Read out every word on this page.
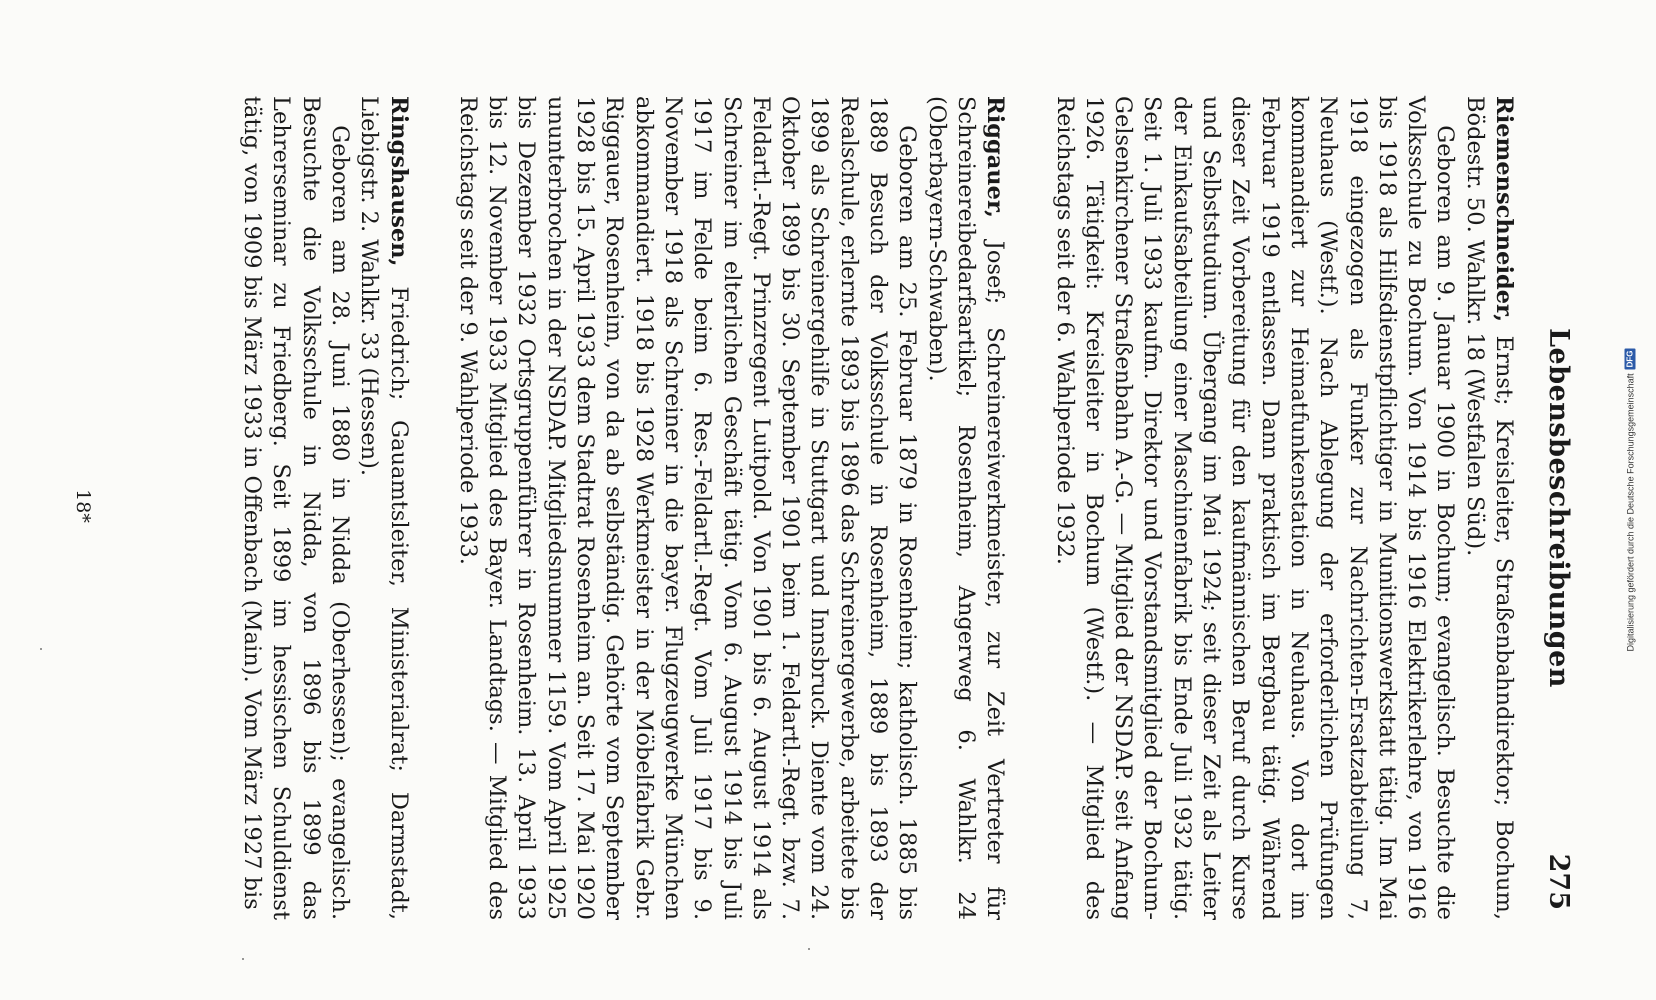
Lebensbeschreibungen
275

Riemenschneider, Ernst; Kreisleiter, Straßenbahndirektor; Bochum, Bödestr. 50. Wahlkr. 18 (Westfalen Süd).

Geboren am 9. Januar 1900 in Bochum; evangelisch. Besuchte die Volksschule zu Bochum. Von 1914 bis 1916 Elektrikerlehre, von 1916 bis 1918 als Hilfsdienstpflichtiger in Munitionswerkstatt tätig. Im Mai 1918 eingezogen als Funker zur Nachrichten-Ersatzabteilung 7, Neuhaus (Westf.). Nach Ablegung der erforderlichen Prüfungen kommandiert zur Heimatfunkenstation in Neuhaus. Von dort im Februar 1919 entlassen. Dann praktisch im Bergbau tätig. Während dieser Zeit Vorbereitung für den kaufmännischen Beruf durch Kurse und Selbststudium. Übergang im Mai 1924; seit dieser Zeit als Leiter der Einkaufsabteilung einer Maschinenfabrik bis Ende Juli 1932 tätig. Seit 1. Juli 1933 kaufm. Direktor und Vorstandsmitglied der Bochum-Gelsenkirchener Straßenbahn A.-G. — Mitglied der NSDAP. seit Anfang 1926. Tätigkeit: Kreisleiter in Bochum (Westf.). — Mitglied des Reichstags seit der 6. Wahlperiode 1932.

Riggauer, Josef; Schreinereiwerkmeister, zur Zeit Vertreter für Schreinereibedarfsartikel; Rosenheim, Angerweg 6. Wahlkr. 24 (Oberbayern-Schwaben).

Geboren am 25. Februar 1879 in Rosenheim; katholisch. 1885 bis 1889 Besuch der Volksschule in Rosenheim, 1889 bis 1893 der Realschule, erlernte 1893 bis 1896 das Schreinergewerbe, arbeitete bis 1899 als Schreinergehilfe in Stuttgart und Innsbruck. Diente vom 24. Oktober 1899 bis 30. September 1901 beim 1. Feldartl.-Regt. bzw. 7. Feldartl.-Regt. Prinzregent Luitpold. Von 1901 bis 6. August 1914 als Schreiner im elterlichen Geschäft tätig. Vom 6. August 1914 bis Juli 1917 im Felde beim 6. Res.-Feldartl.-Regt. Vom Juli 1917 bis 9. November 1918 als Schreiner in die bayer. Flugzeugwerke München abkommandiert. 1918 bis 1928 Werkmeister in der Möbelfabrik Gebr. Riggauer, Rosenheim, von da ab selbständig. Gehörte vom September 1928 bis 15. April 1933 dem Stadtrat Rosenheim an. Seit 17. Mai 1920 ununterbrochen in der NSDAP. Mitgliedsnummer 1159. Vom April 1925 bis Dezember 1932 Ortsgruppenführer in Rosenheim. 13. April 1933 bis 12. November 1933 Mitglied des Bayer. Landtags. — Mitglied des Reichstags seit der 9. Wahlperiode 1933.

Ringshausen, Friedrich; Gauamtsleiter, Ministerialrat; Darmstadt, Liebigstr. 2. Wahlkr. 33 (Hessen).

Geboren am 28. Juni 1880 in Nidda (Oberhessen); evangelisch. Besuchte die Volksschule in Nidda, von 1896 bis 1899 das Lehrerseminar zu Friedberg. Seit 1899 im hessischen Schuldienst tätig, von 1909 bis März 1933 in Offenbach (Main). Vom März 1927 bis

18*	Digitalisierung gefördert durch die Deutsche Forschungsgemeinschaft
DFG
